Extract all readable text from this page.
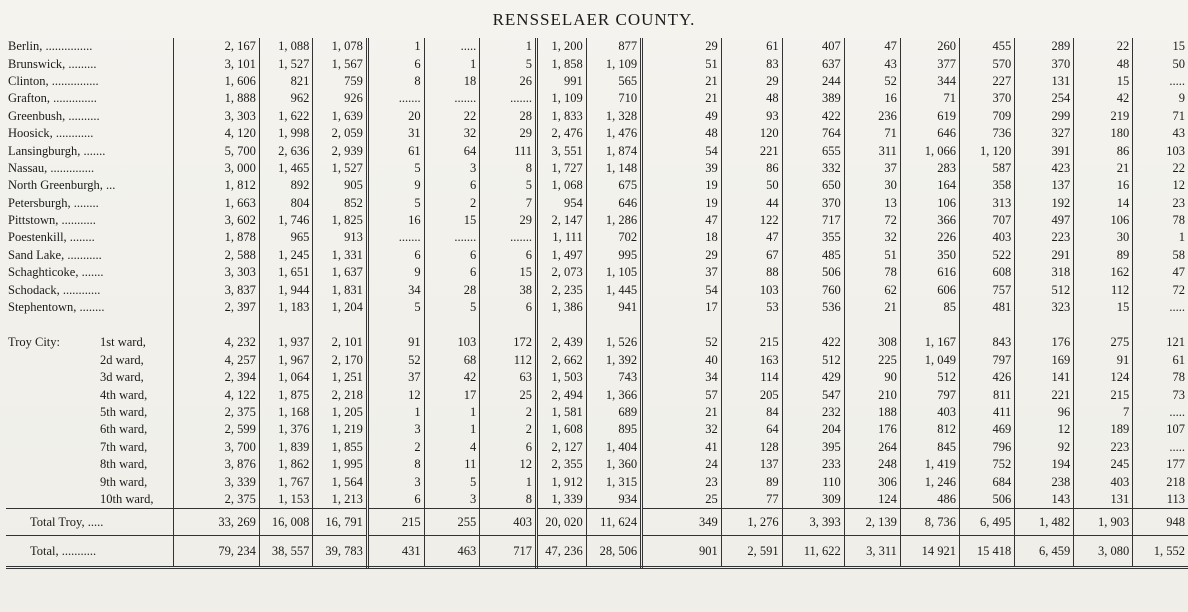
RENSSELAER COUNTY.
Berlin, ...............	2, 167	1, 088	1, 078	1	.....	1	1, 200	877	29	61	407	47	260	455	289	22	15
Brunswick, .........	3, 101	1, 527	1, 567	6	1	5	1, 858	1, 109	51	83	637	43	377	570	370	48	50
Clinton, ...............	1, 606	821	759	8	18	26	991	565	21	29	244	52	344	227	131	15	.....
Grafton, ..............	1, 888	962	926	.......	.......	.......	1, 109	710	21	48	389	16	71	370	254	42	9
Greenbush, ..........	3, 303	1, 622	1, 639	20	22	28	1, 833	1, 328	49	93	422	236	619	709	299	219	71
Hoosick, ............	4, 120	1, 998	2, 059	31	32	29	2, 476	1, 476	48	120	764	71	646	736	327	180	43
Lansingburgh, .......	5, 700	2, 636	2, 939	61	64	111	3, 551	1, 874	54	221	655	311	1, 066	1, 120	391	86	103
Nassau, ..............	3, 000	1, 465	1, 527	5	3	8	1, 727	1, 148	39	86	332	37	283	587	423	21	22
North Greenburgh, ...	1, 812	892	905	9	6	5	1, 068	675	19	50	650	30	164	358	137	16	12
Petersburgh, ........	1, 663	804	852	5	2	7	954	646	19	44	370	13	106	313	192	14	23
Pittstown, ...........	3, 602	1, 746	1, 825	16	15	29	2, 147	1, 286	47	122	717	72	366	707	497	106	78
Poestenkill, ........	1, 878	965	913	.......	.......	.......	1, 111	702	18	47	355	32	226	403	223	30	1
Sand Lake, ...........	2, 588	1, 245	1, 331	6	6	6	1, 497	995	29	67	485	51	350	522	291	89	58
Schaghticoke, .......	3, 303	1, 651	1, 637	9	6	15	2, 073	1, 105	37	88	506	78	616	608	318	162	47
Schodack, ............	3, 837	1, 944	1, 831	34	28	38	2, 235	1, 445	54	103	760	62	606	757	512	112	72
Stephentown, ........	2, 397	1, 183	1, 204	5	5	6	1, 386	941	17	53	536	21	85	481	323	15	.....

Troy City: 1st ward,	4, 232	1, 937	2, 101	91	103	172	2, 439	1, 526	52	215	422	308	1, 167	843	176	275	121
2d ward,	4, 257	1, 967	2, 170	52	68	112	2, 662	1, 392	40	163	512	225	1, 049	797	169	91	61
3d ward,	2, 394	1, 064	1, 251	37	42	63	1, 503	743	34	114	429	90	512	426	141	124	78
4th ward,	4, 122	1, 875	2, 218	12	17	25	2, 494	1, 366	57	205	547	210	797	811	221	215	73
5th ward,	2, 375	1, 168	1, 205	1	1	2	1, 581	689	21	84	232	188	403	411	96	7	.....
6th ward,	2, 599	1, 376	1, 219	3	1	2	1, 608	895	32	64	204	176	812	469	12	189	107
7th ward,	3, 700	1, 839	1, 855	2	4	6	2, 127	1, 404	41	128	395	264	845	796	92	223	.....
8th ward,	3, 876	1, 862	1, 995	8	11	12	2, 355	1, 360	24	137	233	248	1, 419	752	194	245	177
9th ward,	3, 339	1, 767	1, 564	3	5	1	1, 912	1, 315	23	89	110	306	1, 246	684	238	403	218
10th ward,	2, 375	1, 153	1, 213	6	3	8	1, 339	934	25	77	309	124	486	506	143	131	113
Total Troy, .....	33, 269	16, 008	16, 791	215	255	403	20, 020	11, 624	349	1, 276	3, 393	2, 139	8, 736	6, 495	1, 482	1, 903	948
Total, ...........	79, 234	38, 557	39, 783	431	463	717	47, 236	28, 506	901	2, 591	11, 622	3, 311	14 921	15 418	6, 459	3, 080	1, 552
